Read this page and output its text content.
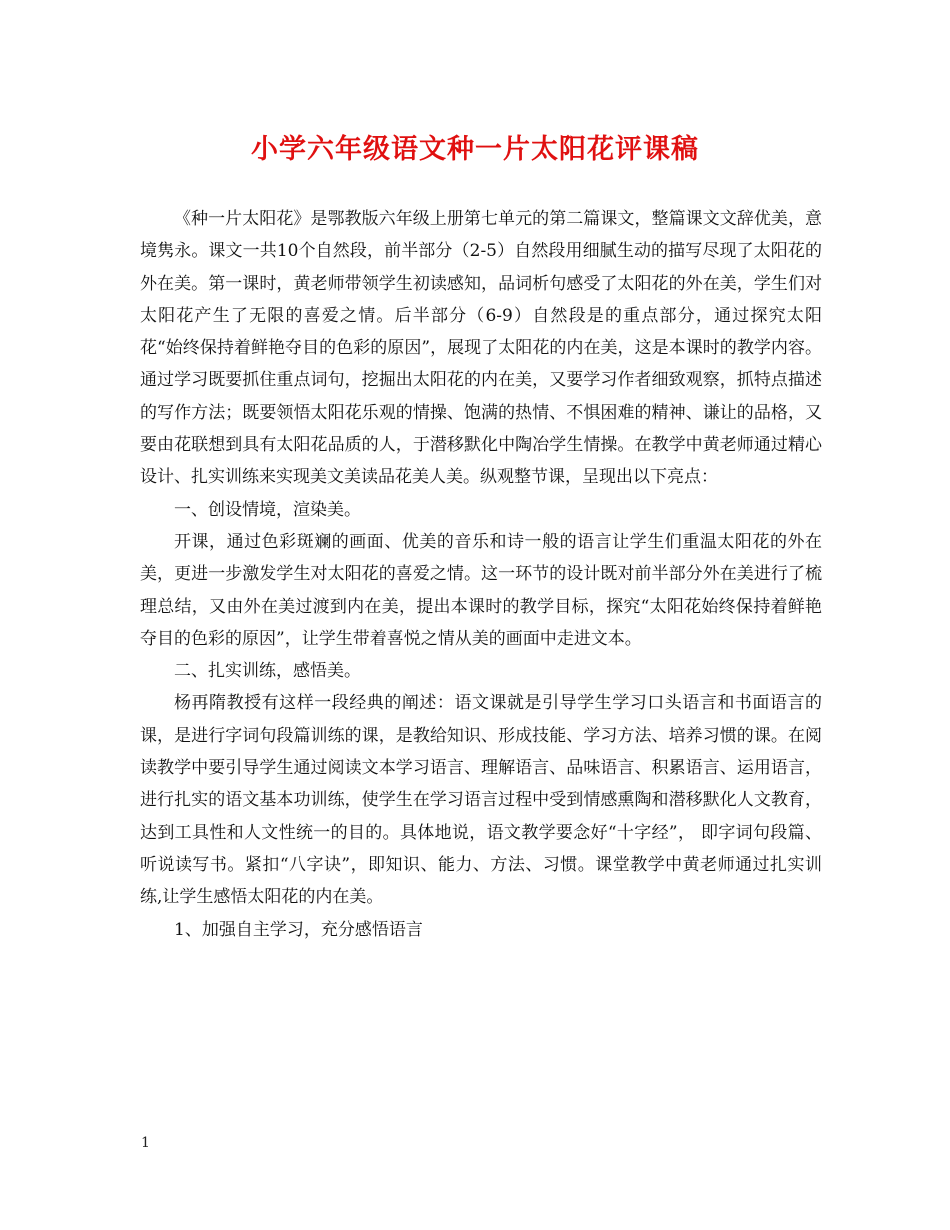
小学六年级语文种一片太阳花评课稿

《种一片太阳花》是鄂教版六年级上册第七单元的第二篇课文，整篇课文文辞优美，意境隽永。课文一共10个自然段，前半部分（2-5）自然段用细腻生动的描写尽现了太阳花的外在美。第一课时，黄老师带领学生初读感知，品词析句感受了太阳花的外在美，学生们对太阳花产生了无限的喜爱之情。后半部分（6-9）自然段是的重点部分，通过探究太阳花“始终保持着鲜艳夺目的色彩的原因”，展现了太阳花的内在美，这是本课时的教学内容。通过学习既要抓住重点词句，挖掘出太阳花的内在美，又要学习作者细致观察，抓特点描述的写作方法；既要领悟太阳花乐观的情操、饱满的热情、不惧困难的精神、谦让的品格，又要由花联想到具有太阳花品质的人，于潜移默化中陶冶学生情操。在教学中黄老师通过精心设计、扎实训练来实现美文美读品花美人美。纵观整节课，呈现出以下亮点：

一、创设情境，渲染美。

开课，通过色彩斑斓的画面、优美的音乐和诗一般的语言让学生们重温太阳花的外在美，更进一步激发学生对太阳花的喜爱之情。这一环节的设计既对前半部分外在美进行了梳理总结，又由外在美过渡到内在美，提出本课时的教学目标，探究“太阳花始终保持着鲜艳夺目的色彩的原因”，让学生带着喜悦之情从美的画面中走进文本。

二、扎实训练，感悟美。

杨再隋教授有这样一段经典的阐述：语文课就是引导学生学习口头语言和书面语言的课，是进行字词句段篇训练的课，是教给知识、形成技能、学习方法、培养习惯的课。在阅读教学中要引导学生通过阅读文本学习语言、理解语言、品味语言、积累语言、运用语言，进行扎实的语文基本功训练，使学生在学习语言过程中受到情感熏陶和潜移默化人文教育，达到工具性和人文性统一的目的。具体地说，语文教学要念好“十字经”， 即字词句段篇、听说读写书。紧扣“八字诀”，即知识、能力、方法、习惯。课堂教学中黄老师通过扎实训练,让学生感悟太阳花的内在美。

1、加强自主学习，充分感悟语言

1
